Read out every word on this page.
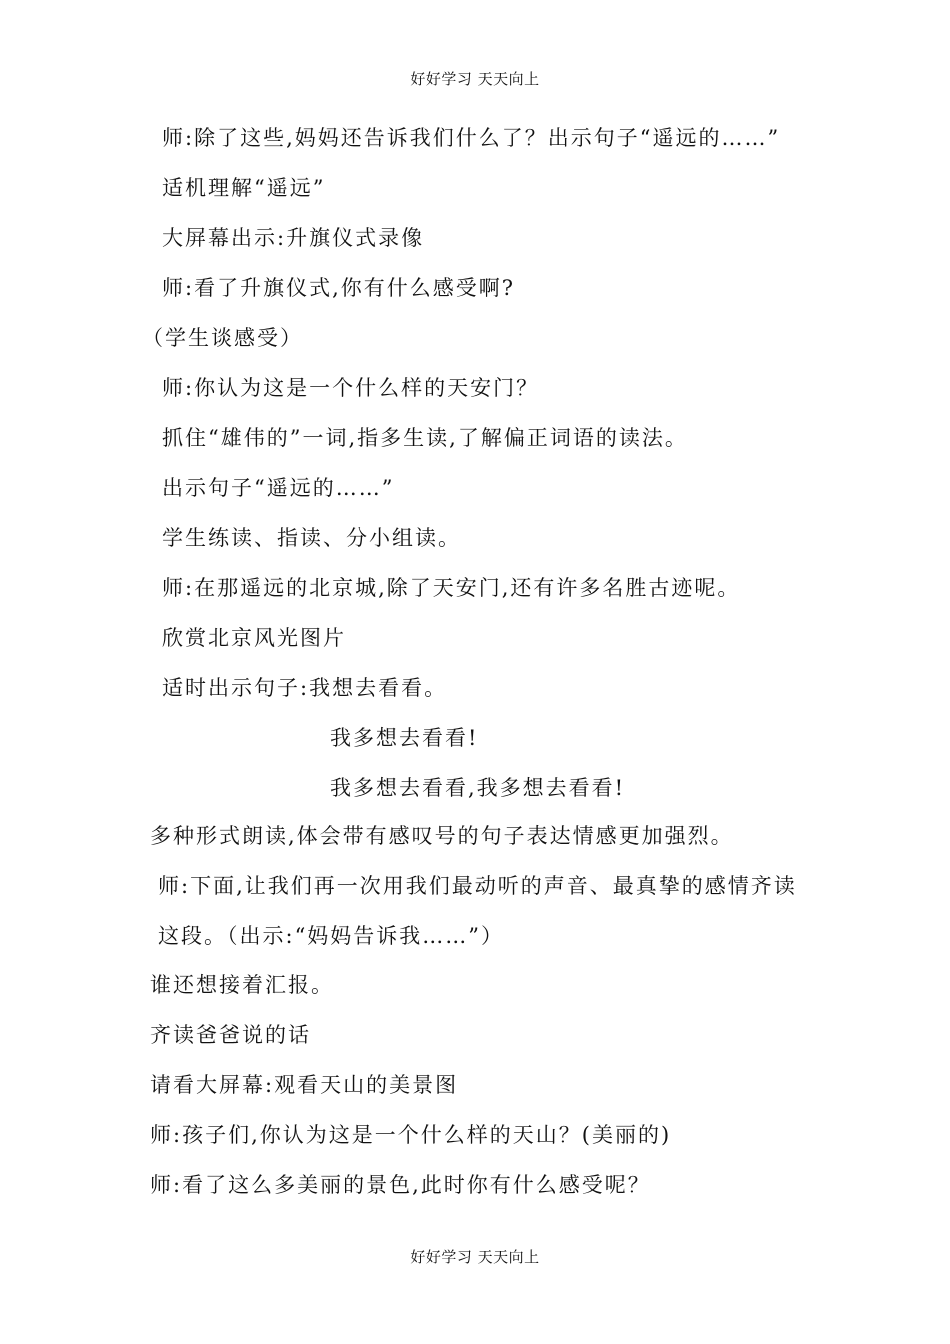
好好学习 天天向上
师:除了这些,妈妈还告诉我们什么了？出示句子“遥远的……”
适机理解“遥远”
大屏幕出示:升旗仪式录像
师:看了升旗仪式,你有什么感受啊?
（学生谈感受）
师:你认为这是一个什么样的天安门？
抓住“雄伟的”一词,指多生读,了解偏正词语的读法。
出示句子“遥远的……”
学生练读、指读、分小组读。
师:在那遥远的北京城,除了天安门,还有许多名胜古迹呢。
欣赏北京风光图片
适时出示句子:我想去看看。
我多想去看看!
我多想去看看,我多想去看看!
多种形式朗读,体会带有感叹号的句子表达情感更加强烈。
师:下面,让我们再一次用我们最动听的声音、最真挚的感情齐读
这段。（出示:“妈妈告诉我……”）
谁还想接着汇报。
齐读爸爸说的话
请看大屏幕:观看天山的美景图
师:孩子们,你认为这是一个什么样的天山？(美丽的)
师:看了这么多美丽的景色,此时你有什么感受呢？
好好学习 天天向上
